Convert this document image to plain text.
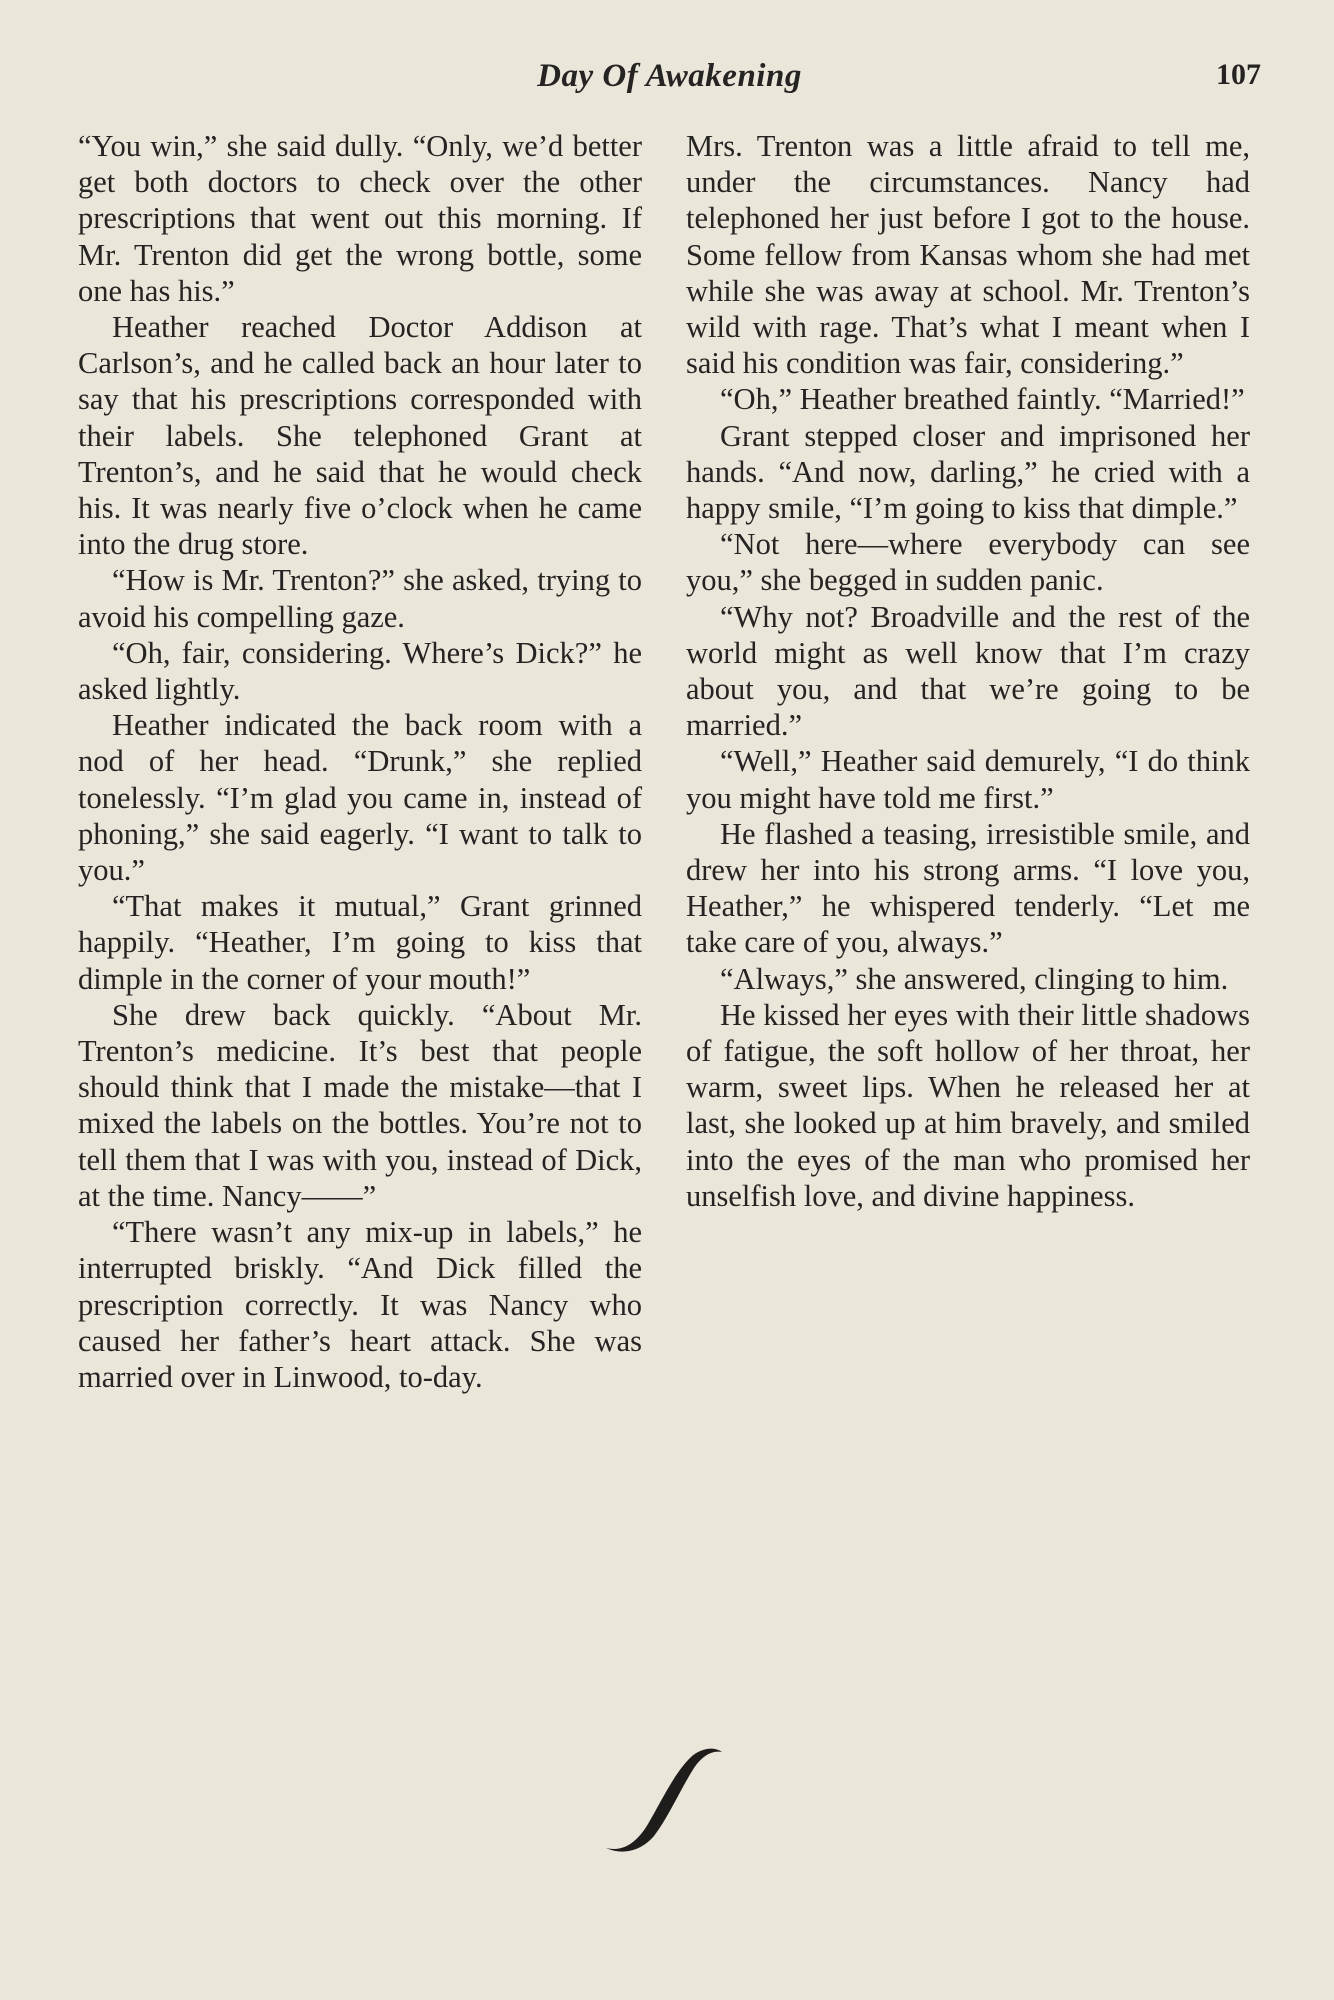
Day Of Awakening	107

“You win,” she said dully. “Only, we’d better get both doctors to check over the other prescriptions that went out this morning. If Mr. Trenton did get the wrong bottle, some one has his.”

Heather reached Doctor Addison at Carlson’s, and he called back an hour later to say that his prescriptions corresponded with their labels. She telephoned Grant at Trenton’s, and he said that he would check his. It was nearly five o’clock when he came into the drug store.

“How is Mr. Trenton?” she asked, trying to avoid his compelling gaze.

“Oh, fair, considering. Where’s Dick?” he asked lightly.

Heather indicated the back room with a nod of her head. “Drunk,” she replied tonelessly. “I’m glad you came in, instead of phoning,” she said eagerly. “I want to talk to you.”

“That makes it mutual,” Grant grinned happily. “Heather, I’m going to kiss that dimple in the corner of your mouth!”

She drew back quickly. “About Mr. Trenton’s medicine. It’s best that people should think that I made the mistake—that I mixed the labels on the bottles. You’re not to tell them that I was with you, instead of Dick, at the time. Nancy——”

“There wasn’t any mix-up in labels,” he interrupted briskly. “And Dick filled the prescription correctly. It was Nancy who caused her father’s heart attack. She was married over in Linwood, to-day.

Mrs. Trenton was a little afraid to tell me, under the circumstances. Nancy had telephoned her just before I got to the house. Some fellow from Kansas whom she had met while she was away at school. Mr. Trenton’s wild with rage. That’s what I meant when I said his condition was fair, considering.”

“Oh,” Heather breathed faintly. “Married!”

Grant stepped closer and imprisoned her hands. “And now, darling,” he cried with a happy smile, “I’m going to kiss that dimple.”

“Not here—where everybody can see you,” she begged in sudden panic.

“Why not? Broadville and the rest of the world might as well know that I’m crazy about you, and that we’re going to be married.”

“Well,” Heather said demurely, “I do think you might have told me first.”

He flashed a teasing, irresistible smile, and drew her into his strong arms. “I love you, Heather,” he whispered tenderly. “Let me take care of you, always.”

“Always,” she answered, clinging to him.

He kissed her eyes with their little shadows of fatigue, the soft hollow of her throat, her warm, sweet lips. When he released her at last, she looked up at him bravely, and smiled into the eyes of the man who promised her unselfish love, and divine happiness.
